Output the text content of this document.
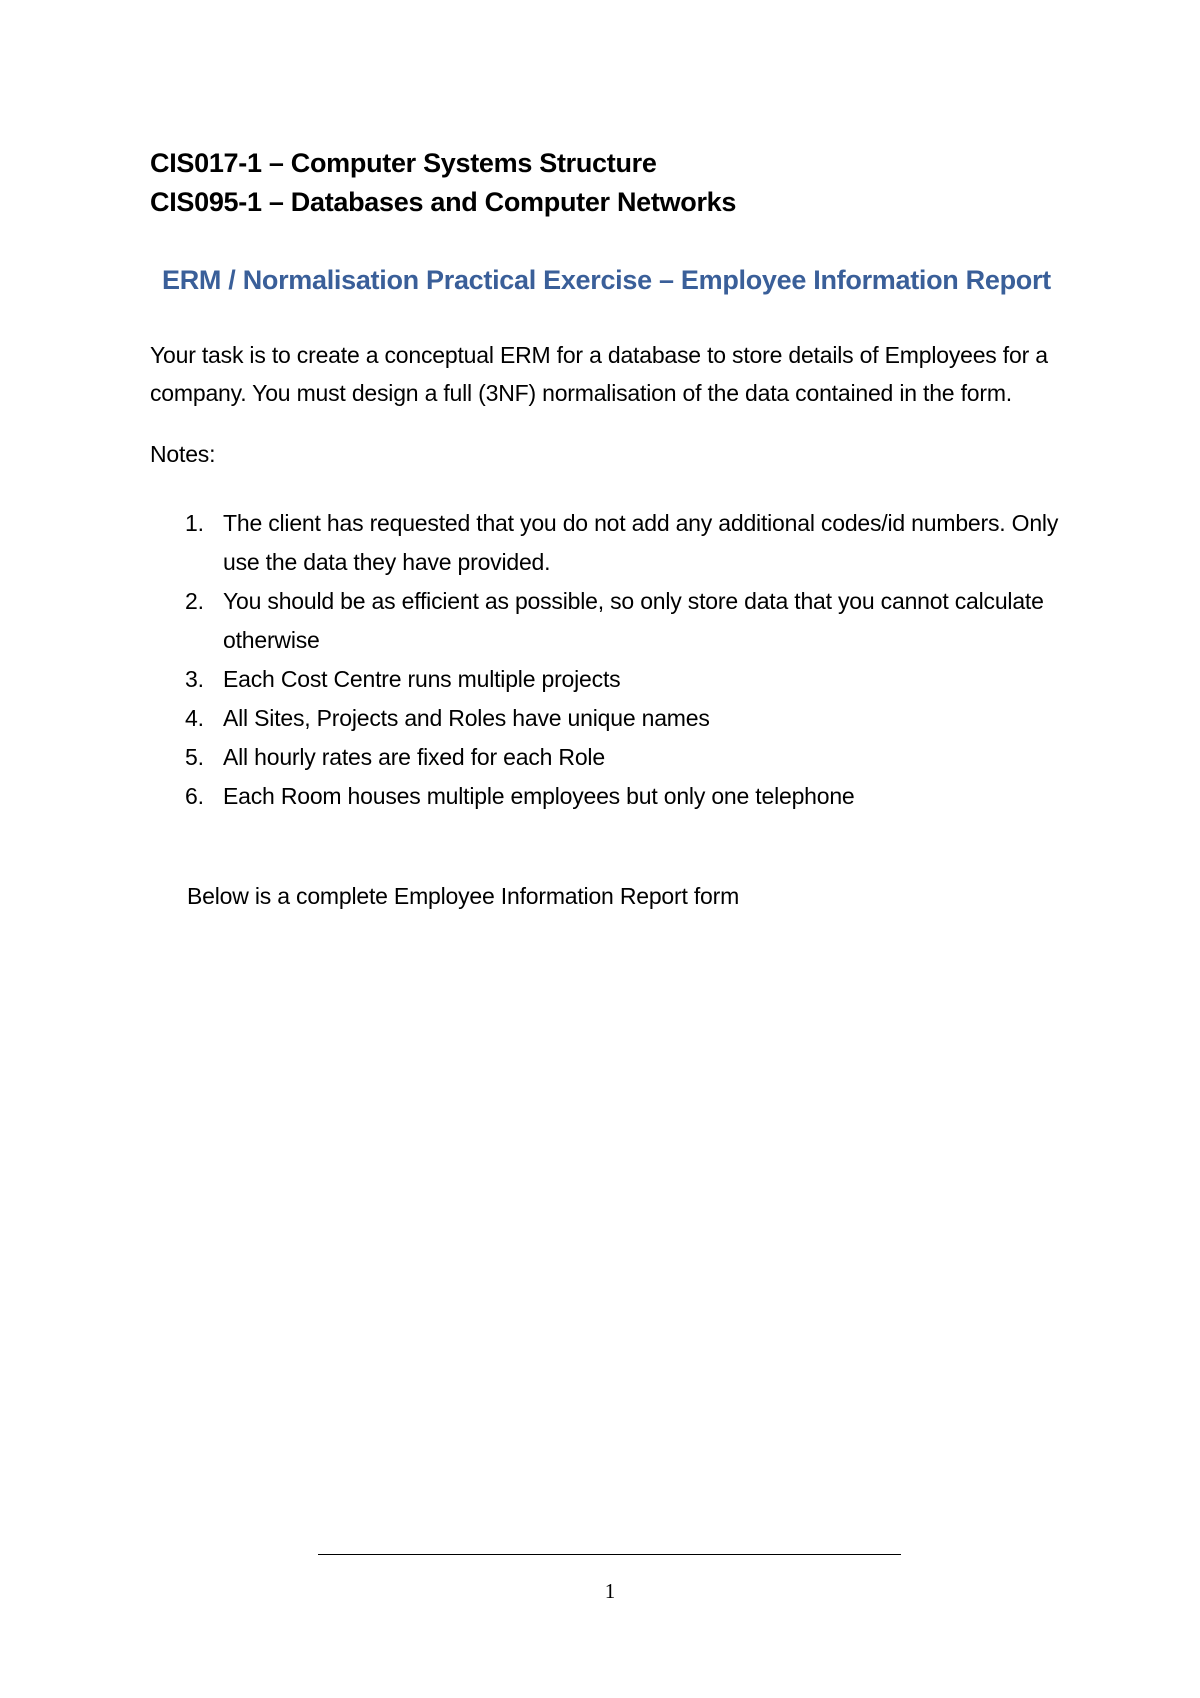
CIS017-1 – Computer Systems Structure
CIS095-1 – Databases and Computer Networks
ERM / Normalisation Practical Exercise – Employee Information Report

Your task is to create a conceptual ERM for a database to store details of Employees for a company. You must design a full (3NF) normalisation of the data contained in the form.

Notes:

1. The client has requested that you do not add any additional codes/id numbers. Only use the data they have provided.
2. You should be as efficient as possible, so only store data that you cannot calculate otherwise
3. Each Cost Centre runs multiple projects
4. All Sites, Projects and Roles have unique names
5. All hourly rates are fixed for each Role
6. Each Room houses multiple employees but only one telephone

Below is a complete Employee Information Report form

1
